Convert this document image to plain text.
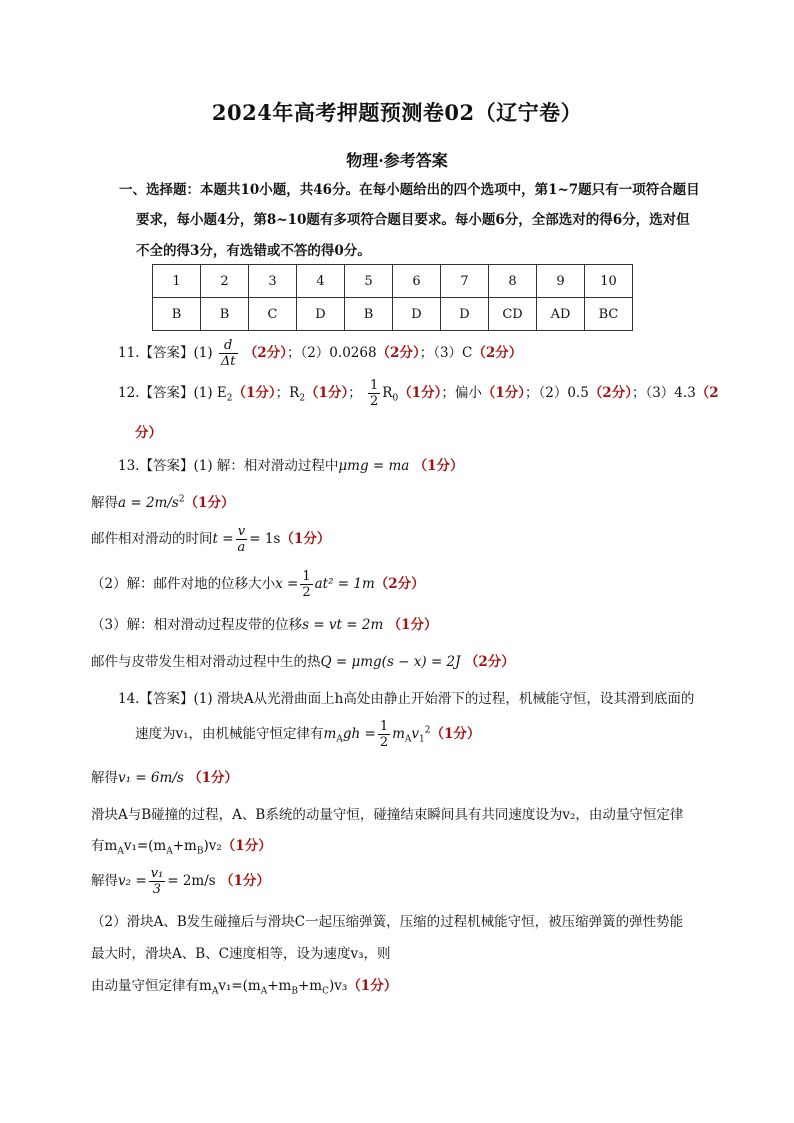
2024年高考押题预测卷02（辽宁卷）
物理·参考答案
一、选择题：本题共10小题，共46分。在每小题给出的四个选项中，第1~7题只有一项符合题目
要求，每小题4分，第8~10题有多项符合题目要求。每小题6分，全部选对的得6分，选对但
不全的得3分，有选错或不答的得0分。
1	2	3	4	5	6	7	8	9	10
B	B	C	D	B	D	D	CD	AD	BC
11.【答案】$(1) \frac{d}{\Delta t} (2$分）；（2）0.0268（2分）；（3）C（2分）
12.【答案】(1) $E_2(1$分）；$R_2(1$分）； $\frac{1}{2} R_0(1$分）；偏小（1分）；（2）0.5（2分）；（3）4.3（2
分）
13.【答案】(1) 解：相对滑动过程中μmg = ma （1分）
解得$a = 2m/s^2(1$分）
邮件相对滑动的时间$t = \frac{v}{a} = 1s(1$分）
（2）解：邮件对地的位移大小$x = \frac{1}{2} at^2 = 1m(2$分）
（3）解：相对滑动过程皮带的位移s = vt = 2m （1分）
邮件与皮带发生相对滑动过程中生的热Q = μmg(s − x) = 2J （2分）
14.【答案】(1) 滑块A从光滑曲面上h高处由静止开始滑下的过程，机械能守恒，设其滑到底面的
速度为v₁，由机械能守恒定律有$m_Agh = \frac{1}{2} m_Av_1^2(1$分）
解得v₁ = 6m/s （1分）
滑块A与B碰撞的过程，A、B系统的动量守恒，碰撞结束瞬间具有共同速度设为v₂，由动量守恒定律
有$m_Av_1=(m_A+m_B)v_2(1$分）
解得$v_2 = \frac{\text{v₁}}{3} = 2m/s$ （1分）
（2）滑块A、B发生碰撞后与滑块C一起压缩弹簧，压缩的过程机械能守恒，被压缩弹簧的弹性势能
最大时，滑块A、B、C速度相等，设为速度v₃，则
由动量守恒定律有$m_Av_1=(m_A+m_B+m_C)v_3(1$分）
